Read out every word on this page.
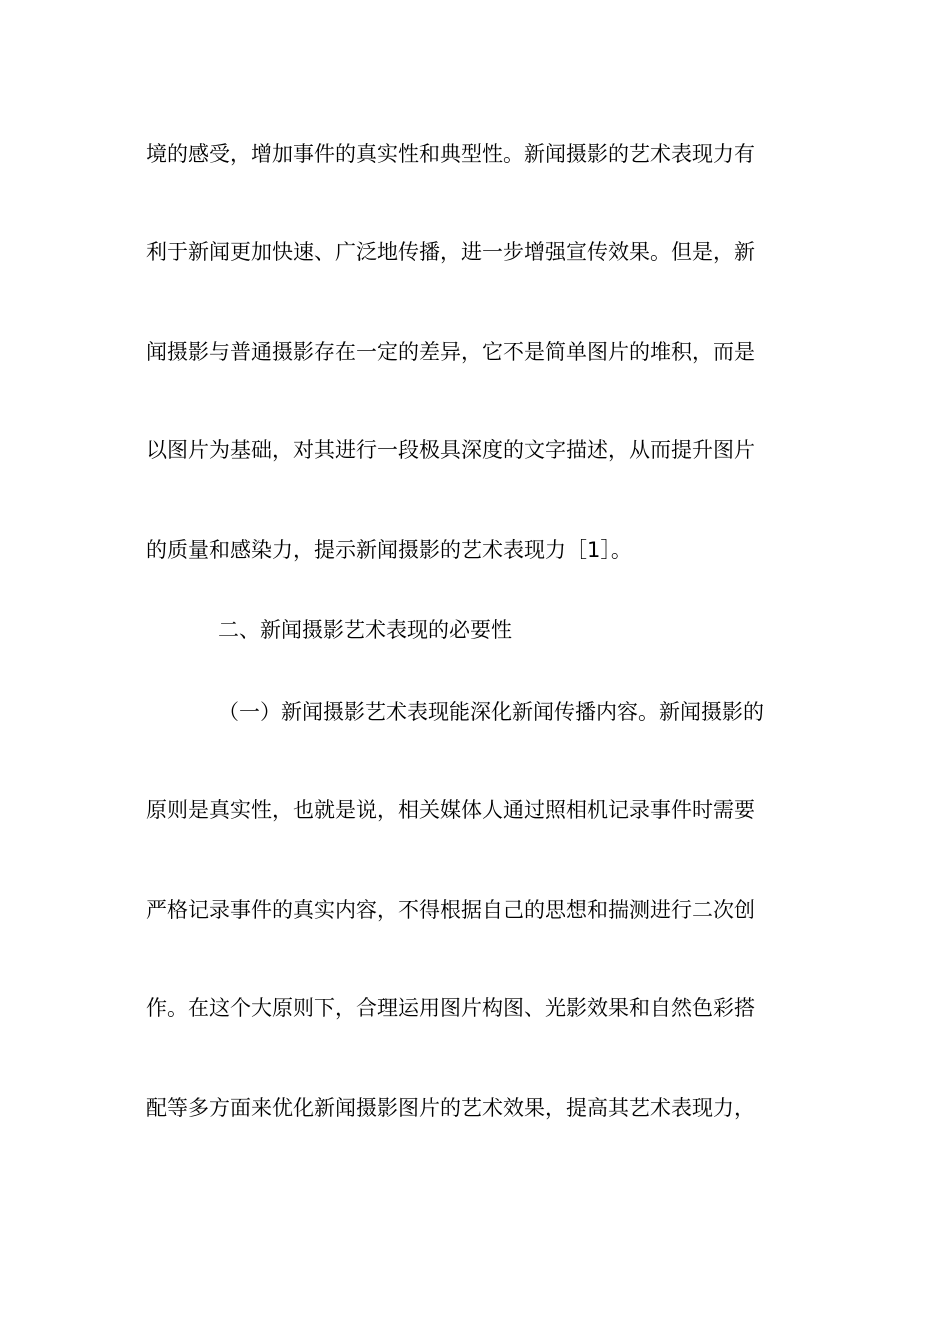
境的感受，增加事件的真实性和典型性。新闻摄影的艺术表现力有
利于新闻更加快速、广泛地传播，进一步增强宣传效果。但是，新
闻摄影与普通摄影存在一定的差异，它不是简单图片的堆积，而是
以图片为基础，对其进行一段极具深度的文字描述，从而提升图片
的质量和感染力，提示新闻摄影的艺术表现力［1］。
二、新闻摄影艺术表现的必要性
（一）新闻摄影艺术表现能深化新闻传播内容。新闻摄影的
原则是真实性，也就是说，相关媒体人通过照相机记录事件时需要
严格记录事件的真实内容，不得根据自己的思想和揣测进行二次创
作。在这个大原则下，合理运用图片构图、光影效果和自然色彩搭
配等多方面来优化新闻摄影图片的艺术效果，提高其艺术表现力，
